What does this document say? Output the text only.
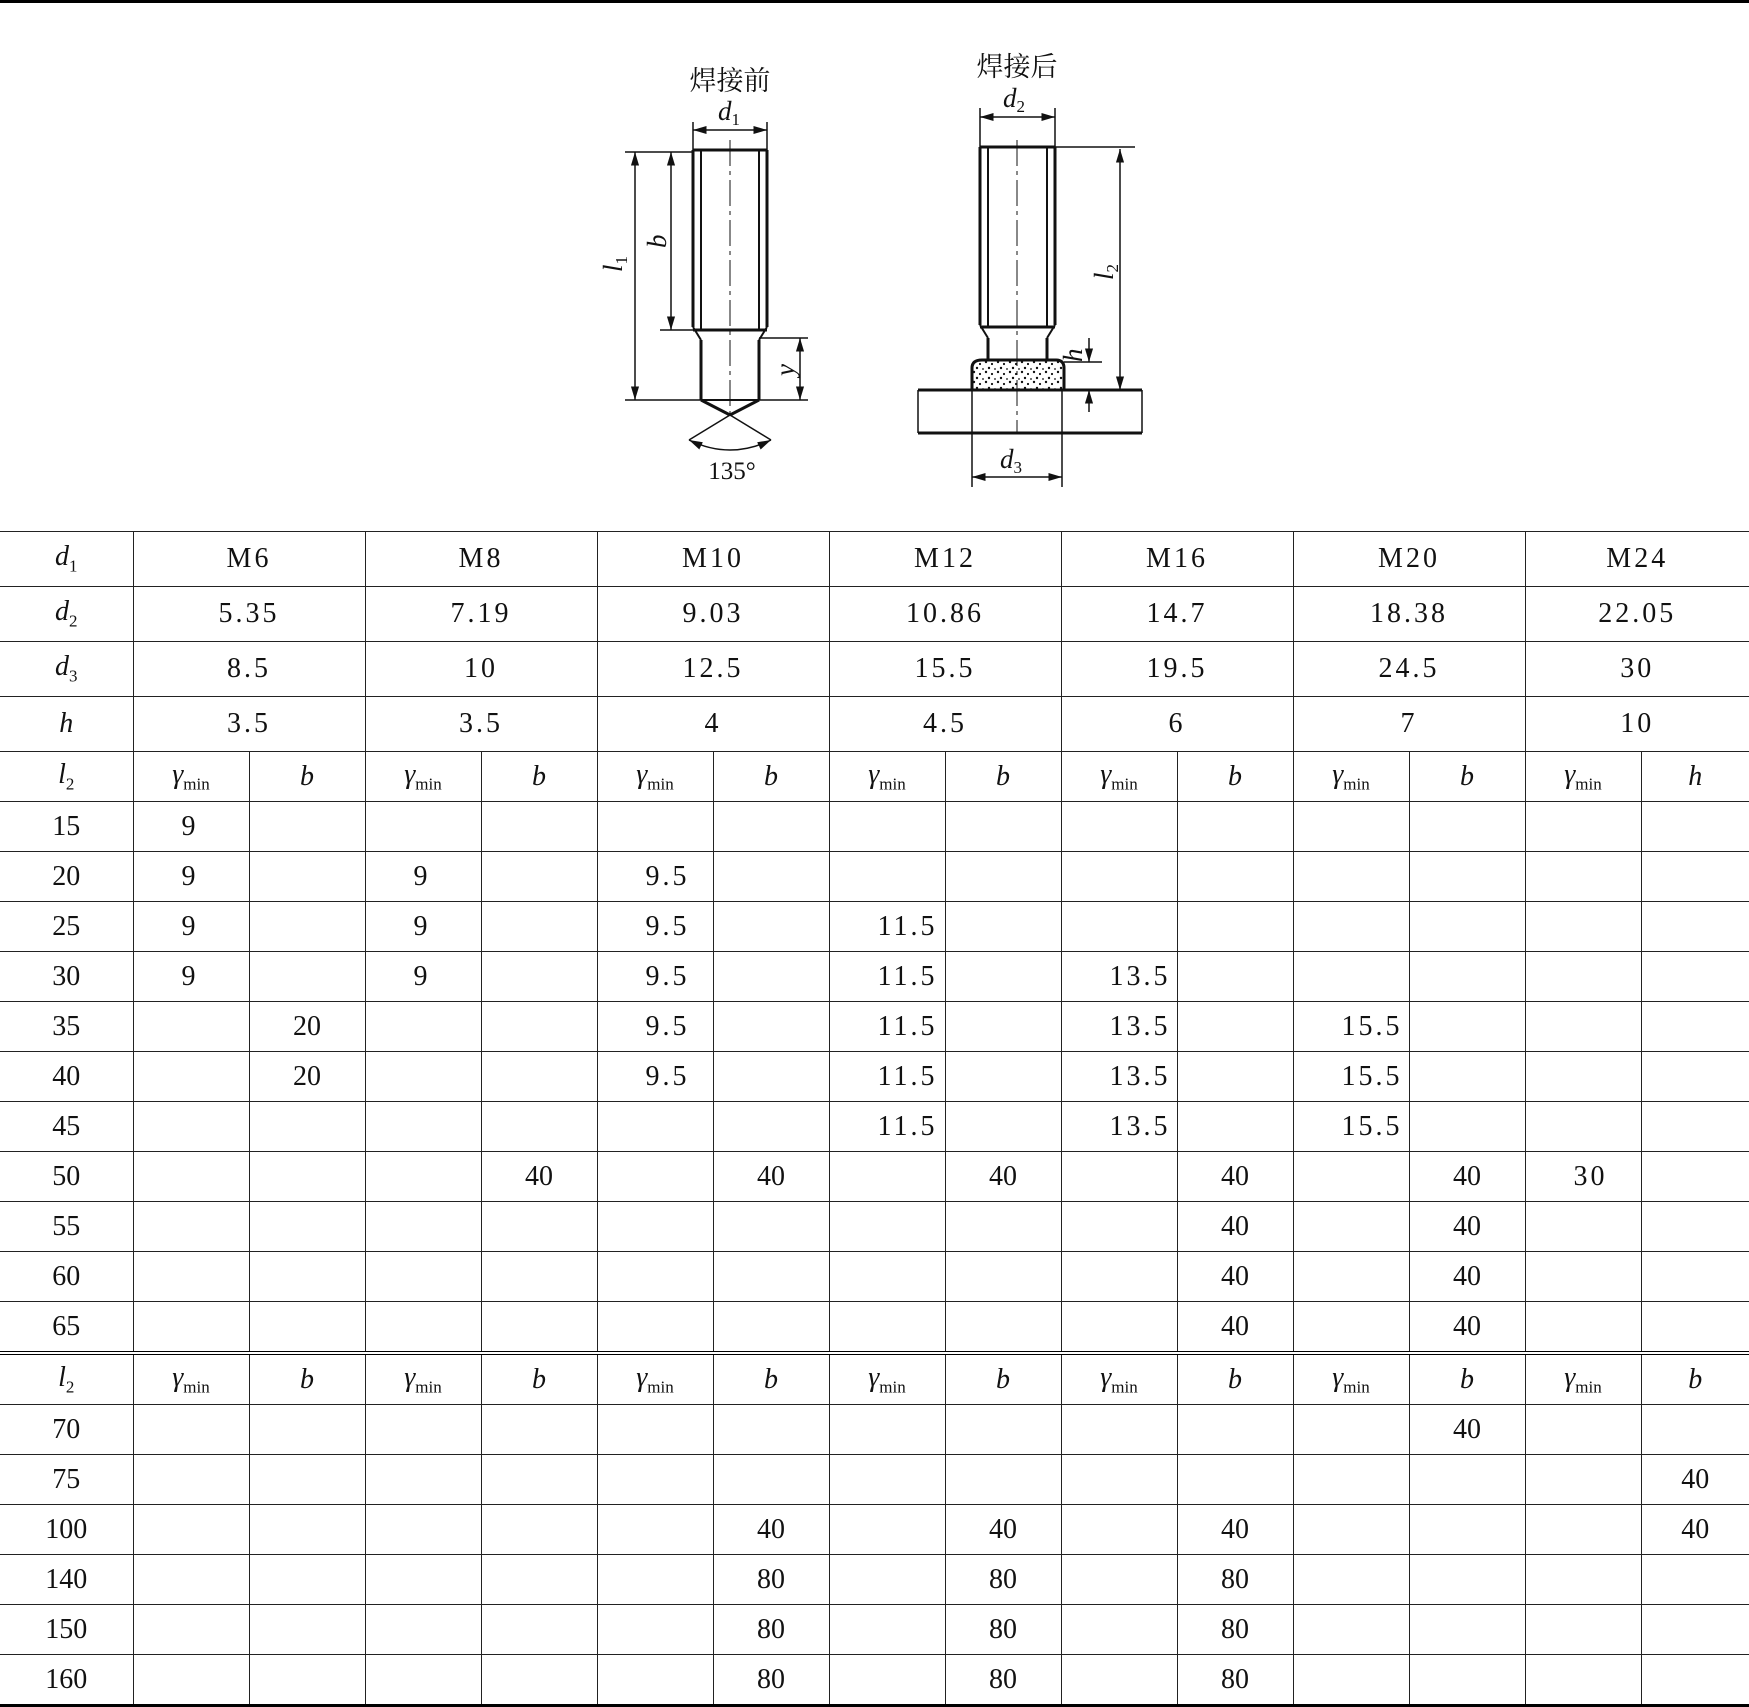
焊接前
d1
l1
b
y
135°
焊接后
d2
l2
h
d3
$d_1$	M6		M8		M10		M12		M16		M20		M24	
$d_2$	5.35		7.19		9.03		10.86		14.7		18.38		22.05	
$d_3$	8.5		10		12.5		15.5		19.5		24.5		30	
h	3.5		3.5		4		4.5		6		7		10	
$l_2$	$\gamma_{min}$	b	$\gamma_{min}$	b	$\gamma_{min}$	b	$\gamma_{min}$	b	$\gamma_{min}$	b	$\gamma_{min}$	b	$\gamma_{min}$	h
15	9													
20	9		9		9.5									
25	9		9		9.5		11.5							
30	9		9		9.5		11.5		13.5					
35		20			9.5		11.5		13.5		15.5			
40		20			9.5		11.5		13.5		15.5			
45							11.5		13.5		15.5			
50				40		40		40		40		40	30	
55										40		40		
60										40		40		
65										40		40		
$l_2$	$\gamma_{min}$	b	$\gamma_{min}$	b	$\gamma_{min}$	b	$\gamma_{min}$	b	$\gamma_{min}$	b	$\gamma_{min}$	b	$\gamma_{min}$	b
70												40		
75														40
100						40		40		40				40
140						80		80		80				
150						80		80		80				
160						80		80		80				
